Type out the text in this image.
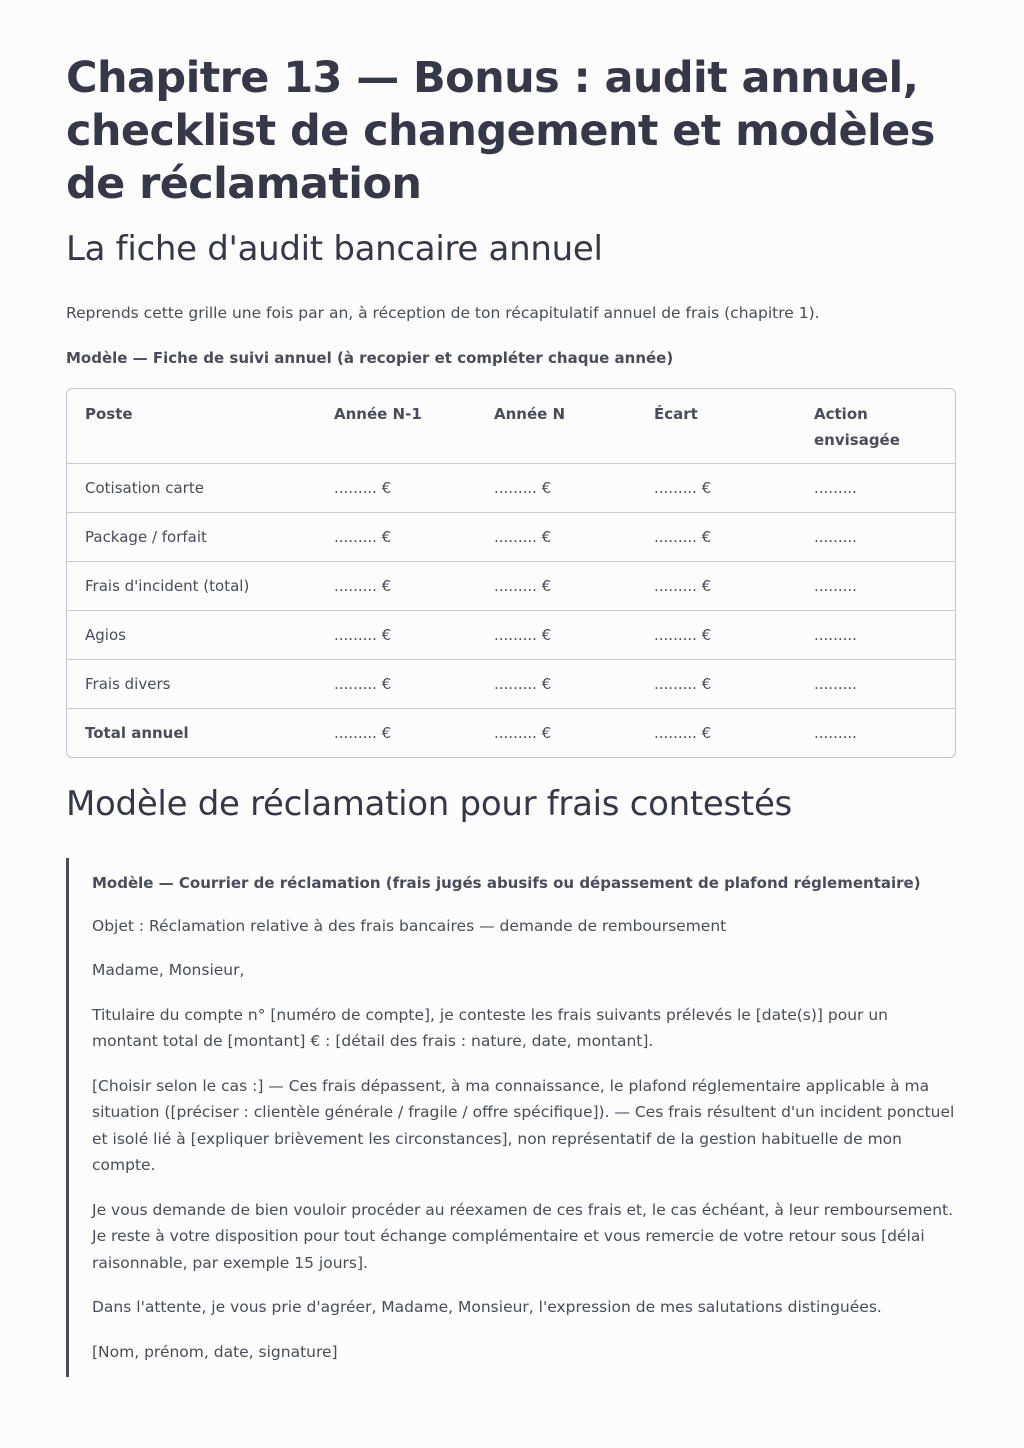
Chapitre 13 — Bonus : audit annuel, checklist de changement et modèles de réclamation
La fiche d'audit bancaire annuel

Reprends cette grille une fois par an, à réception de ton récapitulatif annuel de frais (chapitre 1).

Modèle — Fiche de suivi annuel (à recopier et compléter chaque année)

Poste	Année N-1	Année N	Écart	Action envisagée
Cotisation carte	......... €	......... €	......... €	.........
Package / forfait	......... €	......... €	......... €	.........
Frais d'incident (total)	......... €	......... €	......... €	.........
Agios	......... €	......... €	......... €	.........
Frais divers	......... €	......... €	......... €	.........
Total annuel	......... €	......... €	......... €	.........
Modèle de réclamation pour frais contestés

Modèle — Courrier de réclamation (frais jugés abusifs ou dépassement de plafond réglementaire)

Objet : Réclamation relative à des frais bancaires — demande de remboursement

Madame, Monsieur,

Titulaire du compte n° [numéro de compte], je conteste les frais suivants prélevés le [date(s)] pour un montant total de [montant] € : [détail des frais : nature, date, montant].

[Choisir selon le cas :] — Ces frais dépassent, à ma connaissance, le plafond réglementaire applicable à ma situation ([préciser : clientèle générale / fragile / offre spécifique]). — Ces frais résultent d'un incident ponctuel et isolé lié à [expliquer brièvement les circonstances], non représentatif de la gestion habituelle de mon compte.

Je vous demande de bien vouloir procéder au réexamen de ces frais et, le cas échéant, à leur remboursement. Je reste à votre disposition pour tout échange complémentaire et vous remercie de votre retour sous [délai raisonnable, par exemple 15 jours].

Dans l'attente, je vous prie d'agréer, Madame, Monsieur, l'expression de mes salutations distinguées.

[Nom, prénom, date, signature]
